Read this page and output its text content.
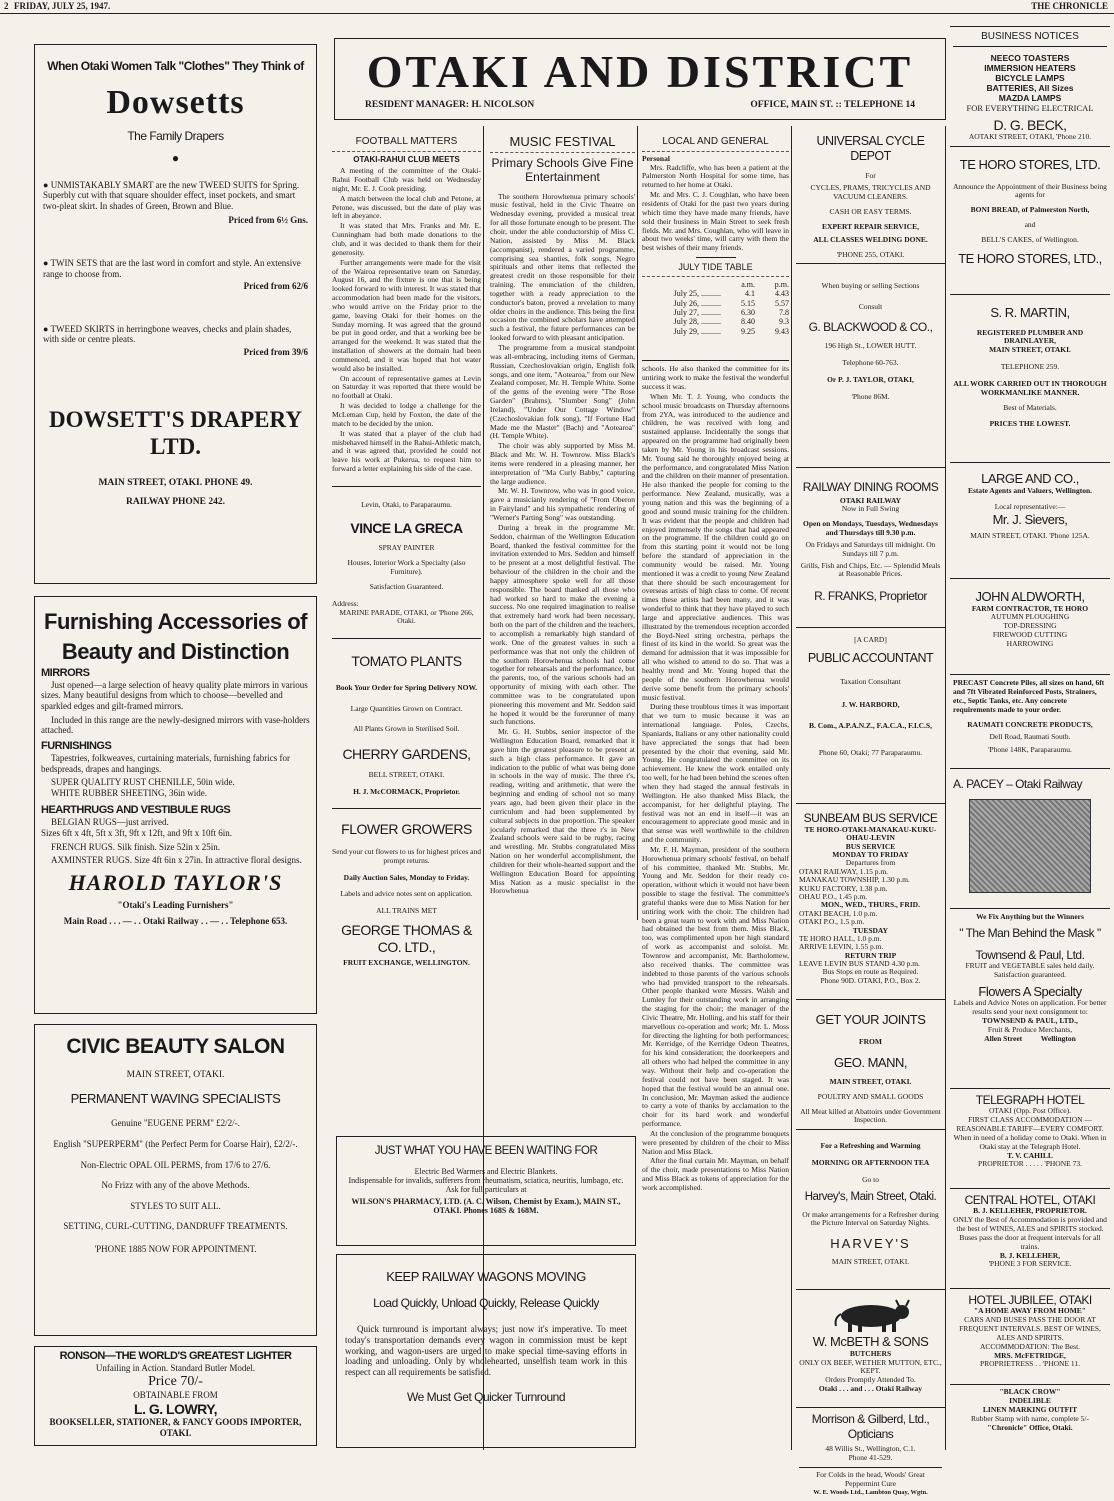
2 FRIDAY, JULY 25, 1947.	THE CHRONICLE
When Otaki Women Talk "Clothes" They Think of
Dowsetts
The Family Drapers
●
● UNMISTAKABLY SMART are the new TWEED SUITS for Spring. Superbly cut with that square shoulder effect, inset pockets, and smart two-pleat skirt. In shades of Green, Brown and Blue.
Priced from 6½ Gns.
● TWIN SETS that are the last word in comfort and style. An extensive range to choose from.
Priced from 62/6
● TWEED SKIRTS in herringbone weaves, checks and plain shades, with side or centre pleats.
Priced from 39/6
DOWSETT'S DRAPERY LTD.
MAIN STREET, OTAKI. PHONE 49.
RAILWAY PHONE 242.
Furnishing Accessories of
Beauty and Distinction
MIRRORS
Just opened—a large selection of heavy quality plate mirrors in various sizes. Many beautiful designs from which to choose—bevelled and sparkled edges and gilt-framed mirrors.
Included in this range are the newly-designed mirrors with vase-holders attached.
FURNISHINGS
Tapestries, folkweaves, curtaining materials, furnishing fabrics for bedspreads, drapes and hangings.
SUPER QUALITY RUST CHENILLE, 50in wide.
WHITE RUBBER SHEETING, 36in wide.
HEARTHRUGS AND VESTIBULE RUGS
BELGIAN RUGS—just arrived.
Sizes 6ft x 4ft, 5ft x 3ft, 9ft x 12ft, and 9ft x 10ft 6in.
FRENCH RUGS. Silk finish. Size 52in x 25in.
AXMINSTER RUGS. Size 4ft 6in x 27in. In attractive floral designs.
HAROLD TAYLOR'S
"Otaki's Leading Furnishers"
Main Road . . . — . . Otaki Railway . . — . . Telephone 653.
CIVIC BEAUTY SALON
MAIN STREET, OTAKI.
PERMANENT WAVING SPECIALISTS
Genuine "EUGENE PERM" £2/2/-.
English "SUPERPERM" (the Perfect Perm for Coarse Hair), £2/2/-.
Non-Electric OPAL OIL PERMS, from 17/6 to 27/6.
No Frizz with any of the above Methods.
STYLES TO SUIT ALL.
SETTING, CURL-CUTTING, DANDRUFF TREATMENTS.
'PHONE 1885 NOW FOR APPOINTMENT.
RONSON—THE WORLD'S GREATEST LIGHTER
Unfailing in Action. Standard Butler Model.
Price 70/-
OBTAINABLE FROM
L. G. LOWRY,
BOOKSELLER, STATIONER, & FANCY GOODS IMPORTER, OTAKI.
OTAKI AND DISTRICT
RESIDENT MANAGER: H. NICOLSON	OFFICE, MAIN ST. :: TELEPHONE 14
FOOTBALL MATTERS
OTAKI-RAHUI CLUB MEETS

A meeting of the committee of the Otaki-Rahui Football Club was held on Wednesday night, Mr. E. J. Cook presiding.

A match between the local club and Petone, at Petone, was discussed, but the date of play was left in abeyance.

It was stated that Mrs. Franks and Mr. E. Cunningham had both made donations to the club, and it was decided to thank them for their generosity.

Further arrangements were made for the visit of the Wairoa representative team on Saturday, August 16, and the fixture is one that is being looked forward to with interest. It was stated that accommodation had been made for the visitors, who would arrive on the Friday prior to the game, leaving Otaki for their homes on the Sunday morning. It was agreed that the ground be put in good order, and that a working bee be arranged for the weekend. It was stated that the installation of showers at the domain had been commenced, and it was hoped that hot water would also be installed.

On account of representative games at Levin on Saturday it was reported that there would be no football at Otaki.

It was decided to lodge a challenge for the McLeman Cup, held by Foxton, the date of the match to be decided by the union.

It was stated that a player of the club had misbehaved himself in the Rahui-Athletic match, and it was agreed that, provided he could not leave his work at Pukerua, to request him to forward a letter explaining his side of the case.

Levin, Otaki, to Paraparaumu.
VINCE LA GRECA
SPRAY PAINTER
Houses, Interior Work a Specialty (also Furniture).
Satisfaction Guaranteed.
Address:
MARINE PARADE, OTAKI, or 'Phone 266, Otaki.
TOMATO PLANTS
Book Your Order for Spring Delivery NOW.
Large Quantities Grown on Contract.
All Plants Grown in Sterilised Soil.
CHERRY GARDENS,
BELL STREET, OTAKI.
H. J. McCORMACK, Proprietor.
FLOWER GROWERS
Send your cut flowers to us for highest prices and prompt returns.
Daily Auction Sales, Monday to Friday.
Labels and advice notes sent on application.
ALL TRAINS MET
GEORGE THOMAS & CO. LTD.,
FRUIT EXCHANGE, WELLINGTON.
MUSIC FESTIVAL
Primary Schools Give Fine Entertainment

The southern Horowhenua primary schools' music festival, held in the Civic Theatre on Wednesday evening, provided a musical treat for all those fortunate enough to be present. The choir, under the able conductorship of Miss C. Nation, assisted by Miss M. Black (accompanist), rendered a varied programme, comprising sea shanties, folk songs, Negro spirituals and other items that reflected the greatest credit on those responsible for their training. The enunciation of the children, together with a ready appreciation to the conductor's baton, proved a revelation to many older choirs in the audience. This being the first occasion the combined scholars have attempted such a festival, the future performances can be looked forward to with pleasant anticipation.

The programme from a musical standpoint was all-embracing, including items of German, Russian, Czechoslovakian origin, English folk songs, and one item, "Aotearoa," from our New Zealand composer, Mr. H. Temple White. Some of the gems of the evening were "The Rose Garden" (Brahms), "Slumber Song" (John Ireland), "Under Our Cottage Window" (Czechoslovakian folk song), "If Fortune Had Made me the Master" (Bach) and "Aotearoa" (H. Temple White).

The choir was ably supported by Miss M. Black and Mr. W. H. Townrow. Miss Black's items were rendered in a pleasing manner, her interpretation of "Ma Curly Babby," capturing the large audience.

Mr. W. H. Townrow, who was in good voice, gave a musicianly rendering of "From Oberon in Fairyland" and his sympathetic rendering of "Werner's Parting Song" was outstanding.

During a break in the programme Mr. Seddon, chairman of the Wellington Education Board, thanked the festival committee for the invitation extended to Mrs. Seddon and himself to be present at a most delightful festival. The behaviour of the children in the choir and the happy atmosphere spoke well for all those responsible. The board thanked all those who had worked so hard to make the evening a success. No one required imagination to realise that extremely hard work had been necessary, both on the part of the children and the teachers, to accomplish a remarkably high standard of work. One of the greatest values in such a performance was that not only the children of the southern Horowhenua schools had come together for rehearsals and the performance, but the parents, too, of the various schools had an opportunity of mixing with each other. The committee was to be congratulated upon pioneering this movement and Mr. Seddon said he hoped it would be the forerunner of many such functions.

Mr. G. H. Stubbs, senior inspector of the Wellington Education Board, remarked that it gave him the greatest pleasure to be present at such a high class performance. It gave an indication to the public of what was being done in schools in the way of music. The three r's, reading, writing and arithmetic, that were the beginning and ending of school not so many years ago, had been given their place in the curriculum and had been supplemented by cultural subjects in due proportion. The speaker jocularly remarked that the three r's in New Zealand schools were said to be rugby, racing and wrestling. Mr. Stubbs congratulated Miss Nation on her wonderful accomplishment, the children for their whole-hearted support and the Wellington Education Board for appointing Miss Nation as a music specialist in the Horowhenua

LOCAL AND GENERAL
Personal

Mrs. Radcliffe, who has been a patient at the Palmerston North Hospital for some time, has returned to her home at Otaki.

Mr. and Mrs. C. J. Coughlan, who have been residents of Otaki for the past two years during which time they have made many friends, have sold their business in Main Street to seek fresh fields. Mr. and Mrs. Coughlan, who will leave in about two weeks' time, will carry with them the best wishes of their many friends.

JULY TIDE TABLE
a.m.	p.m.
July 25, ..........	4.1	4.43
July 26, ..........	5.15	5.57
July 27, ..........	6.30	7.8
July 28, ..........	8.40	9.3
July 29, ..........	9.25	9.43

schools. He also thanked the committee for its untiring work to make the festival the wonderful success it was.

When Mr. T. J. Young, who conducts the school music broadcasts on Thursday afternoons from 2YA, was introduced to the audience and children, he was received with long and sustained applause. Incidentally the songs that appeared on the programme had originally been taken by Mr. Young in his broadcast sessions. Mr. Young said he thoroughly enjoyed being at the performance, and congratulated Miss Nation and the children on their manner of presentation. He also thanked the people for coming to the performance. New Zealand, musically, was a young nation and this was the beginning of a good and sound music training for the children. It was evident that the people and children had enjoyed immensely the songs that had appeared on the programme. If the children could go on from this starting point it would not be long before the standard of appreciation in the community would be raised. Mr. Young mentioned it was a credit to young New Zealand that there should be such encouragement for overseas artists of high class to come. Of recent times these artists had been many, and it was wonderful to think that they have played to such large and appreciative audiences. This was illustrated by the tremendous reception accorded the Boyd-Neel string orchestra, perhaps the finest of its kind in the world. So great was the demand for admission that it was impossible for all who wished to attend to do so. That was a healthy trend and Mr. Young hoped that the people of the southern Horowhenua would derive some benefit from the primary schools' music festival.

During these troublous times it was important that we turn to music because it was an international language. Poles, Czechs, Spaniards, Italians or any other nationality could have appreciated the songs that had been presented by the choir that evening, said Mr. Young. He congratulated the committee on its achievement. He knew the work entailed only too well, for he had been behind the scenes often when they had staged the annual festivals in Wellington. He also thanked Miss Black, the accompanist, for her delightful playing. The festival was not an end in itself—it was an encouragement to appreciate good music and in that sense was well worthwhile to the children and the community.

Mr. F. H. Mayman, president of the southern Horowhenua primary schools' festival, on behalf of his committee, thanked Mr. Stubbs, Mr. Young and Mr. Seddon for their ready co-operation, without which it would not have been possible to stage the festival. The committee's grateful thanks were due to Miss Nation for her untiring work with the choir. The children had been a great team to work with and Miss Nation had obtained the best from them. Miss Black, too, was complimented upon her high standard of work as accompanist and soloist. Mr. Townrow and accompanist, Mr. Bartholomew, also received thanks. The committee was indebted to those parents of the various schools who had provided transport to the rehearsals. Other people thanked were Messrs. Walsh and Lumley for their outstanding work in arranging the staging for the choir; the manager of the Civic Theatre, Mr. Holling, and his staff for their marvellous co-operation and work; Mr. L. Moss for directing the lighting for both performances; Mr. Kerridge, of the Kerridge Odeon Theatres, for his kind consideration; the doorkeepers and all others who had helped the committee in any way. Without their help and co-operation the festival could not have been staged. It was hoped that the festival would be an annual one. In conclusion, Mr. Mayman asked the audience to carry a vote of thanks by acclamation to the choir for its hard work and wonderful performance.

At the conclusion of the programme bouquets were presented by children of the choir to Miss Nation and Miss Black.

After the final curtain Mr. Mayman, on behalf of the choir, made presentations to Miss Nation and Miss Black as tokens of appreciation for the work accomplished.

JUST WHAT YOU HAVE BEEN WAITING FOR
Electric Bed Warmers and Electric Blankets.
Indispensable for invalids, sufferers from rheumatism, sciatica, neuritis, lumbago, etc.
Ask for full particulars at
WILSON'S PHARMACY, LTD. (A. C. Wilson, Chemist by Exam.), MAIN ST., OTAKI. Phones 168S & 168M.
KEEP RAILWAY WAGONS MOVING
Load Quickly, Unload Quickly, Release Quickly
Quick turnround is important always; just now it's imperative. To meet today's transportation demands every wagon in commission must be kept working, and wagon-users are urged to make special time-saving efforts in loading and unloading. Only by wholehearted, unselfish team work in this respect can all requirements be satisfied.
We Must Get Quicker Turnround
UNIVERSAL CYCLE DEPOT
For
CYCLES, PRAMS, TRICYCLES AND VACUUM CLEANERS.
CASH OR EASY TERMS.
EXPERT REPAIR SERVICE,
ALL CLASSES WELDING DONE.
'PHONE 255, OTAKI.
When buying or selling Sections
Consult
G. BLACKWOOD & CO.,
196 High St., LOWER HUTT.
Telephone 60-763.
Or P. J. TAYLOR, OTAKI,
'Phone 86M.
RAILWAY DINING ROOMS
OTAKI RAILWAY
Now in Full Swing
Open on Mondays, Tuesdays, Wednesdays and Thursdays till 9.30 p.m.
On Fridays and Saturdays till midnight. On Sundays till 7 p.m.
Grills, Fish and Chips, Etc. — Splendid Meals at Reasonable Prices.
R. FRANKS, Proprietor
[A CARD]
PUBLIC ACCOUNTANT
Taxation Consultant
J. W. HARBORD,
B. Com., A.P.A.N.Z., F.A.C.A., F.I.C.S,
Phone 60, Otaki; 77 Paraparaumu.
SUNBEAM BUS SERVICE
TE HORO-OTAKI-MANAKAU-KUKU-OHAU-LEVIN
BUS SERVICE
MONDAY TO FRIDAY
Departures from
OTAKI RAILWAY, 1.15 p.m.
MANAKAU TOWNSHIP, 1.30 p.m.
KUKU FACTORY, 1.38 p.m.
OHAU P.O., 1.45 p.m.
MON., WED., THURS., FRID.
OTAKI BEACH, 1.0 p.m.
OTAKI P.O., 1.5 p.m.
TUESDAY
TE HORO HALL, 1.0 p.m.
ARRIVE LEVIN, 1.55 p.m.
RETURN TRIP
LEAVE LEVIN BUS STAND 4.30 p.m.
Bus Stops en route as Required.
Phone 90D. OTAKI, P.O., Box 2.
GET YOUR JOINTS
FROM
GEO. MANN,
MAIN STREET, OTAKI.
POULTRY AND SMALL GOODS
All Meat killed at Abattoirs under Government Inspection.
For a Refreshing and Warming
MORNING OR AFTERNOON TEA
Go to
Harvey's, Main Street, Otaki.
Or make arrangements for a Refresher during the Picture Interval on Saturday Nights.
HARVEY'S
MAIN STREET, OTAKI.
W. McBETH & SONS
BUTCHERS
ONLY OX BEEF, WETHER MUTTON, ETC., KEPT.
Orders Promptly Attended To.
Otaki . . . and . . . Otaki Railway
Morrison & Gilberd, Ltd.,
Opticians
48 Willis St., Wellington, C.1.
Phone 41-529.
For Colds in the head, Woods' Great Peppermint Cure
W. E. Woods Ltd., Lambton Quay, Wgtn.
BUSINESS NOTICES
NEECO TOASTERS
IMMERSION HEATERS
BICYCLE LAMPS
BATTERIES, All Sizes
MAZDA LAMPS
FOR EVERYTHING ELECTRICAL
D. G. BECK,
AOTAKI STREET, OTAKI, 'Phone 210.
TE HORO STORES, LTD.
Announce the Appointment of their Business being agents for
BONI BREAD, of Palmerston North,
and
BELL'S CAKES, of Wellington.
TE HORO STORES, LTD.,
S. R. MARTIN,
REGISTERED PLUMBER AND DRAINLAYER,
MAIN STREET, OTAKI.
TELEPHONE 259.
ALL WORK CARRIED OUT IN THOROUGH WORKMANLIKE MANNER.
Best of Materials.
PRICES THE LOWEST.
LARGE AND CO.,
Estate Agents and Valuers, Wellington.
Local representative:—
Mr. J. Sievers,
MAIN STREET, OTAKI. 'Phone 125A.
JOHN ALDWORTH,
FARM CONTRACTOR, TE HORO
AUTUMN PLOUGHING
TOP-DRESSING
FIREWOOD CUTTING
HARROWING
PRECAST Concrete Piles, all sizes on hand, 6ft and 7ft Vibrated Reinforced Posts, Strainers, etc., Septic Tanks, etc. Any concrete requirements made to your order.
RAUMATI CONCRETE PRODUCTS,
Dell Road, Raumati South.
'Phone 148K, Paraparaumu.
A. PACEY – Otaki Railway
We Fix Anything but the Winners
" The Man Behind the Mask "
Townsend & Paul, Ltd.
FRUIT and VEGETABLE sales held daily. Satisfaction guaranteed.
Flowers A Specialty
Labels and Advice Notes on application. For better results send your next consignment to:
TOWNSEND & PAUL, LTD.,
Fruit & Produce Merchants,
Allen Street          Wellington
TELEGRAPH HOTEL
OTAKI (Opp. Post Office).
FIRST CLASS ACCOMMODATION —REASONABLE TARIFF—EVERY COMFORT.
When in need of a holiday come to Otaki. When in Otaki stay at the Telegraph Hotel.
T. V. CAHILL
PROPRIETOR . . . . . 'PHONE 73.
CENTRAL HOTEL, OTAKI
B. J. KELLEHER, PROPRIETOR.
ONLY the Best of Accommodation is provided and the best of WINES, ALES and SPIRITS stocked.
Buses pass the door at frequent intervals for all trains.
B. J. KELLEHER,
'PHONE 3 FOR SERVICE.
HOTEL JUBILEE, OTAKI
"A HOME AWAY FROM HOME"
CARS AND BUSES PASS THE DOOR AT FREQUENT INTERVALS. BEST OF WINES, ALES AND SPIRITS.
ACCOMMODATION: The Best.
MRS. McFETRIDGE,
PROPRIETRESS . . 'PHONE 11.
"BLACK CROW"
INDELIBLE
LINEN MARKING OUTFIT
Rubber Stamp with name, complete 5/-
"Chronicle" Office, Otaki.
